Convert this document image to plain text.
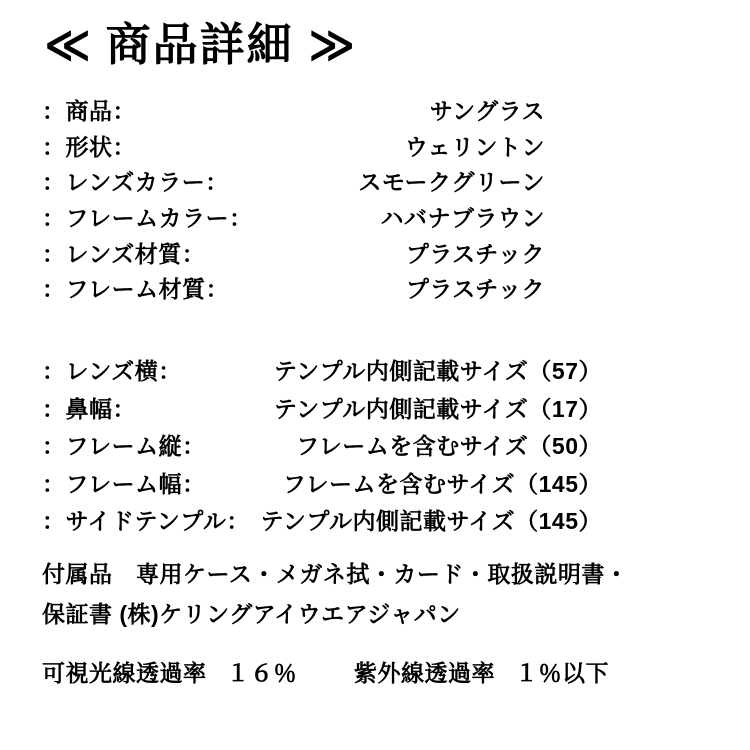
≪ 商品詳細 ≫
：商品：	サングラス
：形状：	ウェリントン
：レンズカラー：	スモークグリーン
：フレームカラー：	ハバナブラウン
：レンズ材質：	プラスチック
：フレーム材質：	プラスチック
：レンズ横：	テンプル内側記載サイズ（57）
：鼻幅：	テンプル内側記載サイズ（17）
：フレーム縦：	フレームを含むサイズ（50）
：フレーム幅：	フレームを含むサイズ（145）
：サイドテンプル： テンプル内側記載サイズ（145）
付属品　専用ケース・メガネ拭・カード・取扱説明書・
保証書 (株)ケリングアイウエアジャパン
可視光線透過率 １６％ 紫外線透過率 １％以下
